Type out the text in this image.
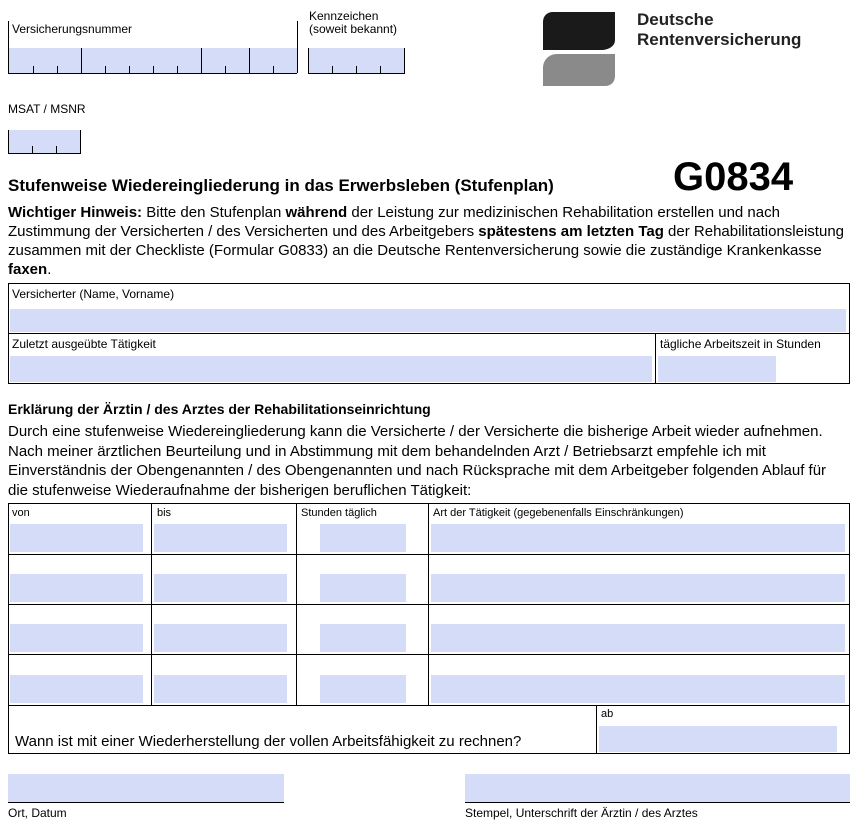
Versicherungsnummer
Kennzeichen
(soweit bekannt)	Deutsche
Rentenversicherung
MSAT / MSNR
Stufenweise Wiedereingliederung in das Erwerbsleben (Stufenplan)	G0834
Wichtiger Hinweis: Bitte den Stufenplan während der Leistung zur medizinischen Rehabilitation erstellen und nach Zustimmung der Versicherten / des Versicherten und des Arbeitgebers spätestens am letzten Tag der Rehabilitationsleistung zusammen mit der Checkliste (Formular G0833) an die Deutsche Rentenversicherung sowie die zuständige Krankenkasse faxen.
Versicherter (Name, Vorname)
Zuletzt ausgeübte Tätigkeit	tägliche Arbeitszeit in Stunden
Erklärung der Ärztin / des Arztes der Rehabilitationseinrichtung
Durch eine stufenweise Wiedereingliederung kann die Versicherte / der Versicherte die bisherige Arbeit wieder aufnehmen. Nach meiner ärztlichen Beurteilung und in Abstimmung mit dem behandelnden Arzt / Betriebsarzt empfehle ich mit Einverständnis der Obengenannten / des Obengenannten und nach Rücksprache mit dem Arbeitgeber folgenden Ablauf für die stufenweise Wiederaufnahme der bisherigen beruflichen Tätigkeit:
von	bis	Stunden täglich	Art der Tätigkeit (gegebenenfalls Einschränkungen)
Wann ist mit einer Wiederherstellung der vollen Arbeitsfähigkeit zu rechnen?
ab
Ort, Datum	Stempel, Unterschrift der Ärztin / des Arztes
